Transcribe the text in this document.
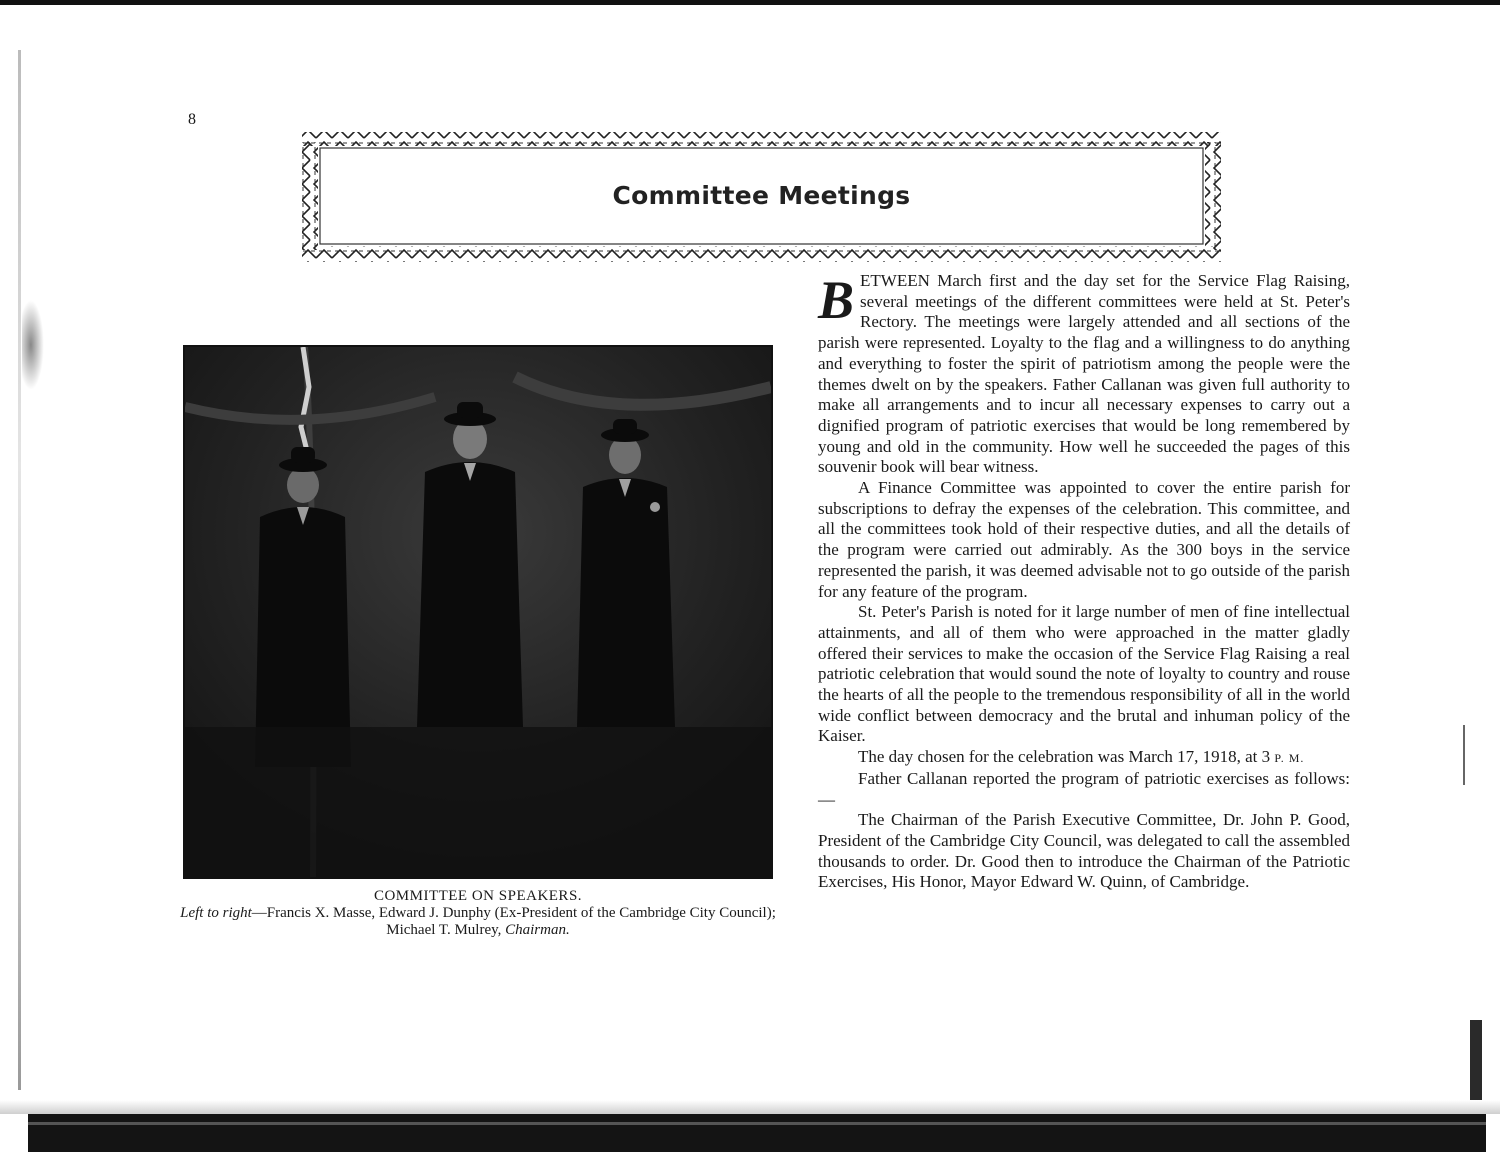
8
Committee Meetings
COMMITTEE ON SPEAKERS.
Left to right—Francis X. Masse, Edward J. Dunphy (Ex-President of the Cambridge City Council); Michael T. Mulrey, Chairman.

BETWEEN March first and the day set for the Service Flag Raising, several meetings of the different committees were held at St. Peter's Rectory. The meetings were largely attended and all sections of the parish were represented. Loyalty to the flag and a willingness to do anything and everything to foster the spirit of patriotism among the people were the themes dwelt on by the speakers. Father Callanan was given full authority to make all arrangements and to incur all necessary expenses to carry out a dignified program of patriotic exercises that would be long remembered by young and old in the community. How well he succeeded the pages of this souvenir book will bear witness.

A Finance Committee was appointed to cover the entire parish for subscriptions to defray the expenses of the celebration. This committee, and all the committees took hold of their respective duties, and all the details of the program were carried out admirably. As the 300 boys in the service represented the parish, it was deemed advisable not to go outside of the parish for any feature of the program.

St. Peter's Parish is noted for it large number of men of fine intellectual attainments, and all of them who were approached in the matter gladly offered their services to make the occasion of the Service Flag Raising a real patriotic celebration that would sound the note of loyalty to country and rouse the hearts of all the people to the tremendous responsibility of all in the world wide conflict between democracy and the brutal and inhuman policy of the Kaiser.

The day chosen for the celebration was March 17, 1918, at 3 P. M.

Father Callanan reported the program of patriotic exercises as follows:—

The Chairman of the Parish Executive Committee, Dr. John P. Good, President of the Cambridge City Council, was delegated to call the assembled thousands to order. Dr. Good then to introduce the Chairman of the Patriotic Exercises, His Honor, Mayor Edward W. Quinn, of Cambridge.
